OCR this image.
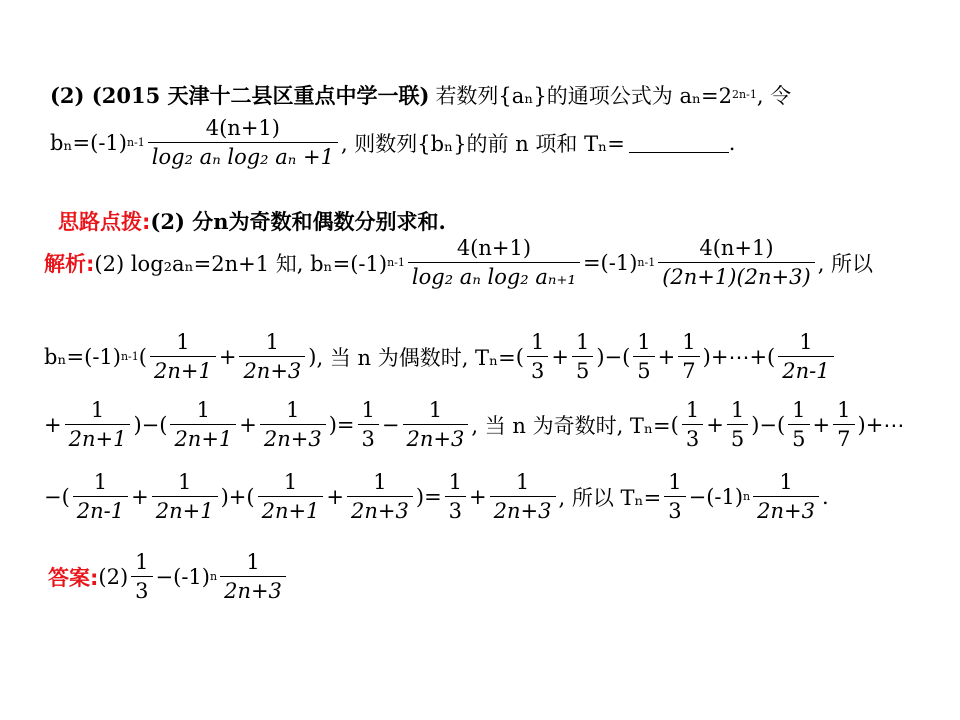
(2) (2015 天津十二县区重点中学一联) 若数列{aₙ}的通项公式为 aₙ=2 2n-1 , 令
bₙ=(-1) $n-1 \frac{4(n+1)}{\text{log₂ aₙ log₂ aₙ +1}}$ , 则数列{bₙ}的前 n 项和 Tₙ=	.
思路点拨: (2) 分n为奇数和偶数分别求和.
解析: (2) log₂aₙ=2n+1 知, bₙ=(-1) $n-1 \frac{4(n+1)}{\text{log₂ aₙ log₂ aₙ₊₁}} =(-1)$ $n-1 \frac{4(n+1)}{(2n+1)(2n+3)}$ , 所以
bₙ=(-1) n-1 ( $\frac{1}{2n+1} + \frac{1}{2n+3}$ ) , 当 n 为偶数时, Tₙ= ( $\frac{1}{3} + \frac{1}{5}$ )−( $\frac{1}{5} + \frac{1}{7}$ )+⋯+( $\frac{1}{2n-1}$
+ $\frac{1}{2n+1}$ )−( $\frac{1}{2n+1} + \frac{1}{2n+3}$ )= $\frac{1}{3} - \frac{1}{2n+3}$ , 当 n 为奇数时, Tₙ= ( $\frac{1}{3} + \frac{1}{5}$ )−( $\frac{1}{5} + \frac{1}{7}$ )+⋯
−( $\frac{1}{2n-1} + \frac{1}{2n+1}$ )+( $\frac{1}{2n+1} + \frac{1}{2n+3}$ )= $\frac{1}{3} + \frac{1}{2n+3}$ , 所以 $T_n= \frac{1}{3} - (-1)$ n $\frac{1}{2n+3}$ .
答案: $(2) \frac{1}{3} - (-1)$ n $\frac{1}{2n+3}$
